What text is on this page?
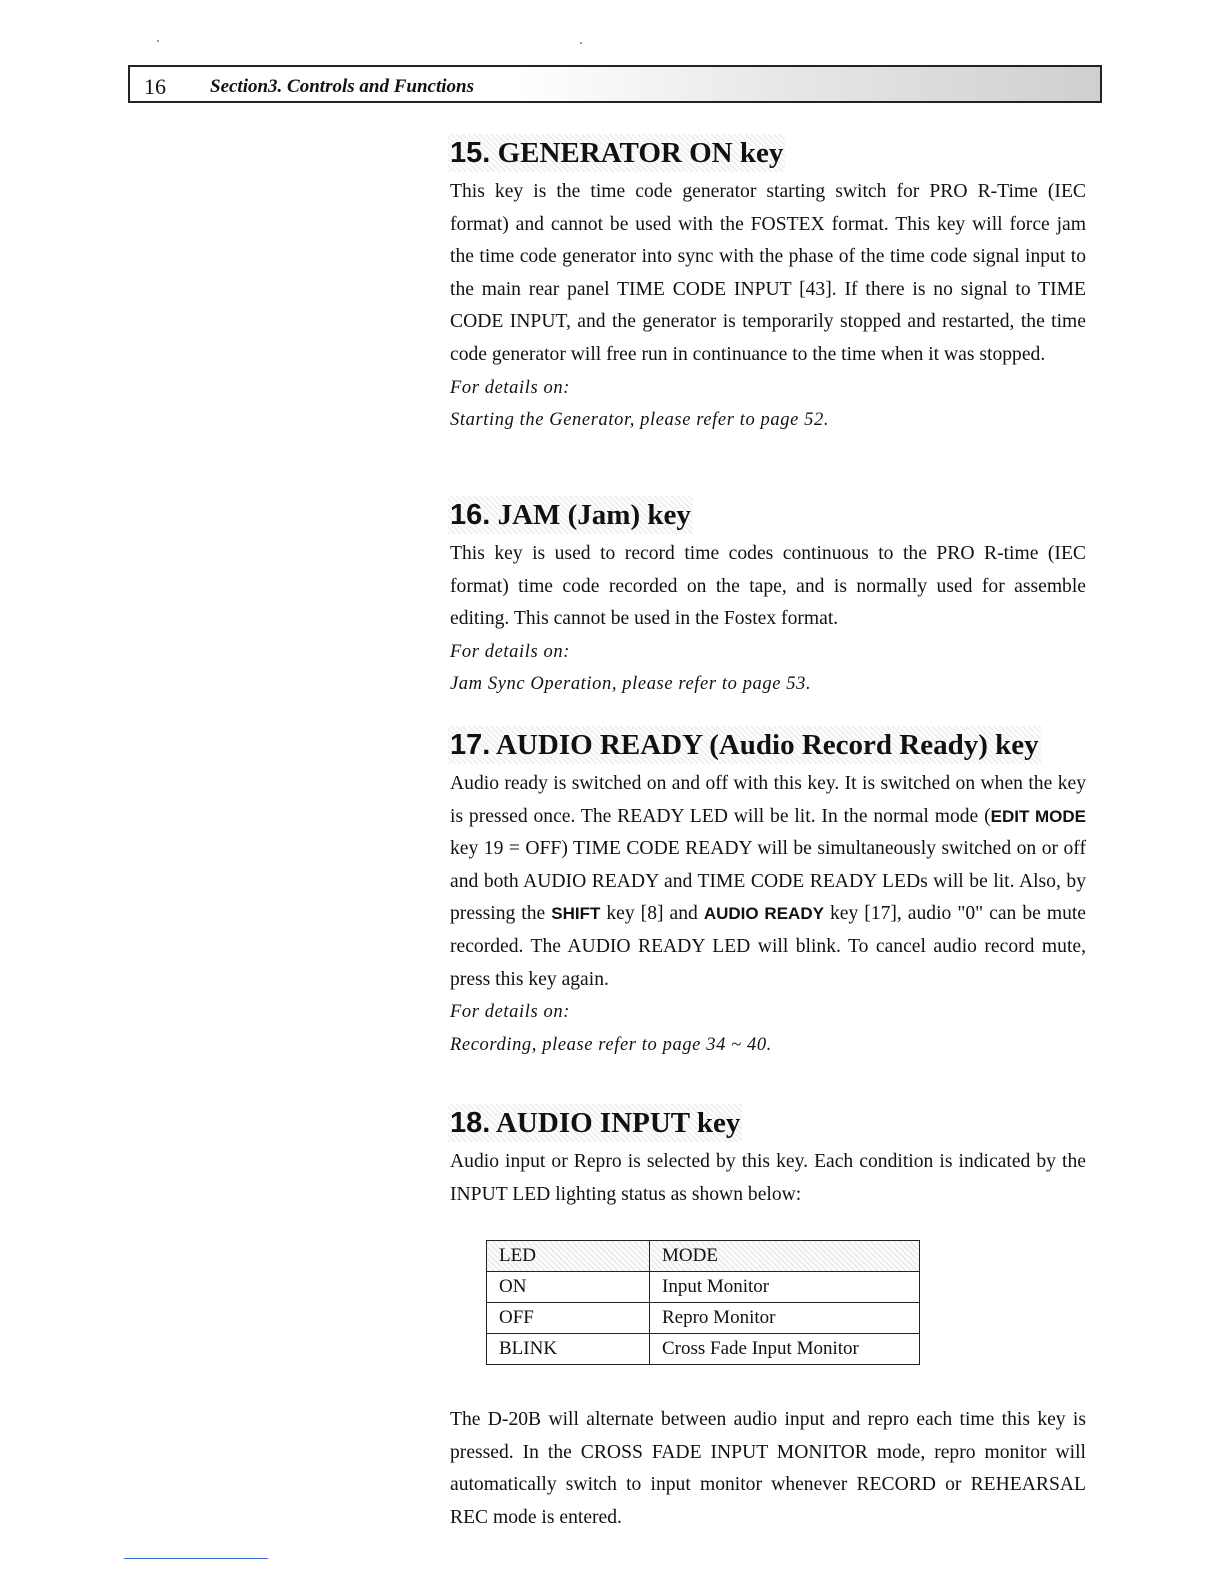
16 Section3. Controls and Functions
15. GENERATOR ON key

This key is the time code generator starting switch for PRO R-Time (IEC format) and cannot be used with the FOSTEX format. This key will force jam the time code generator into sync with the phase of the time code signal input to the main rear panel TIME CODE INPUT [43]. If there is no signal to TIME CODE INPUT, and the generator is temporarily stopped and restarted, the time code generator will free run in continuance to the time when it was stopped.

For details on:

Starting the Generator, please refer to page 52.

16. JAM (Jam) key

This key is used to record time codes continuous to the PRO R-time (IEC format) time code recorded on the tape, and is normally used for assemble editing. This cannot be used in the Fostex format.

For details on:

Jam Sync Operation, please refer to page 53.

17. AUDIO READY (Audio Record Ready) key

Audio ready is switched on and off with this key. It is switched on when the key is pressed once. The READY LED will be lit. In the normal mode (EDIT MODE key 19 = OFF) TIME CODE READY will be simultaneously switched on or off and both AUDIO READY and TIME CODE READY LEDs will be lit. Also, by pressing the SHIFT key [8] and AUDIO READY key [17], audio "0" can be mute recorded. The AUDIO READY LED will blink. To cancel audio record mute, press this key again.

For details on:

Recording, please refer to page 34 ~ 40.

18. AUDIO INPUT key

Audio input or Repro is selected by this key. Each condition is indicated by the INPUT LED lighting status as shown below:

LED	MODE
ON	Input Monitor
OFF	Repro Monitor
BLINK	Cross Fade Input Monitor

The D-20B will alternate between audio input and repro each time this key is pressed. In the CROSS FADE INPUT MONITOR mode, repro monitor will automatically switch to input monitor whenever RECORD or REHEARSAL REC mode is entered.
